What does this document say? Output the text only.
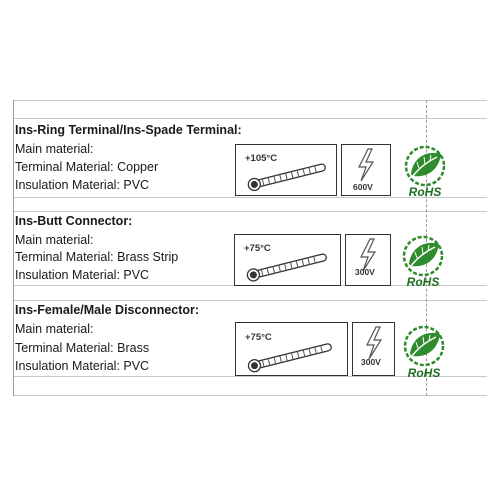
Ins-Ring Terminal/Ins-Spade Terminal:
Main material:
Terminal Material: Copper
Insulation Material: PVC
+105°C
600V	RoHS
Ins-Butt Connector:
Main material:
Terminal Material: Brass Strip
Insulation Material: PVC
+75°C
300V
RoHS
Ins-Female/Male Disconnector:
Main material:
Terminal Material: Brass
Insulation Material: PVC
+75°C
300V
RoHS
